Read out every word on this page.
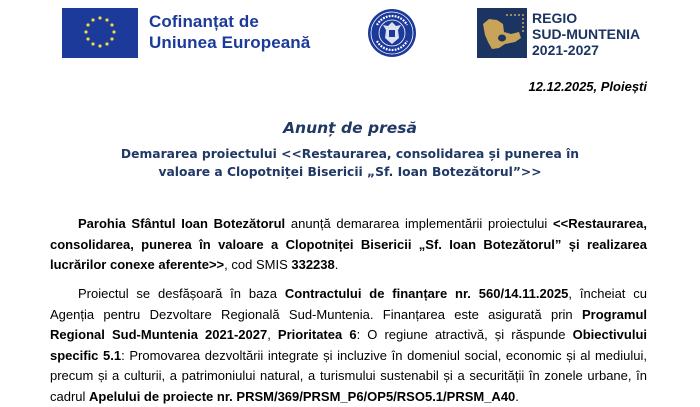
Cofinanțat de
Uniunea Europeană
REGIO
SUD-MUNTENIA
2021-2027
12.12.2025, Ploiești
Anunț de presă
Demararea proiectului <<Restaurarea, consolidarea și punerea în
valoare a Clopotniței Bisericii „Sf. Ioan Botezătorul”>>

Parohia Sfântul Ioan Botezătorul anunță demararea implementării proiectului <<Restaurarea, consolidarea, punerea în valoare a Clopotniței Bisericii „Sf. Ioan Botezătorul” și realizarea lucrărilor conexe aferente>>, cod SMIS 332238.

Proiectul se desfășoară în baza Contractului de finanțare nr. 560/14.11.2025, încheiat cu Agenția pentru Dezvoltare Regională Sud-Muntenia. Finanțarea este asigurată prin Programul Regional Sud-Muntenia 2021-2027, Prioritatea 6: O regiune atractivă, și răspunde Obiectivului specific 5.1: Promovarea dezvoltării integrate și incluzive în domeniul social, economic și al mediului, precum și a culturii, a patrimoniului natural, a turismului sustenabil și a securității în zonele urbane, în cadrul Apelului de proiecte nr. PRSM/369/PRSM_P6/OP5/RSO5.1/PRSM_A40.
